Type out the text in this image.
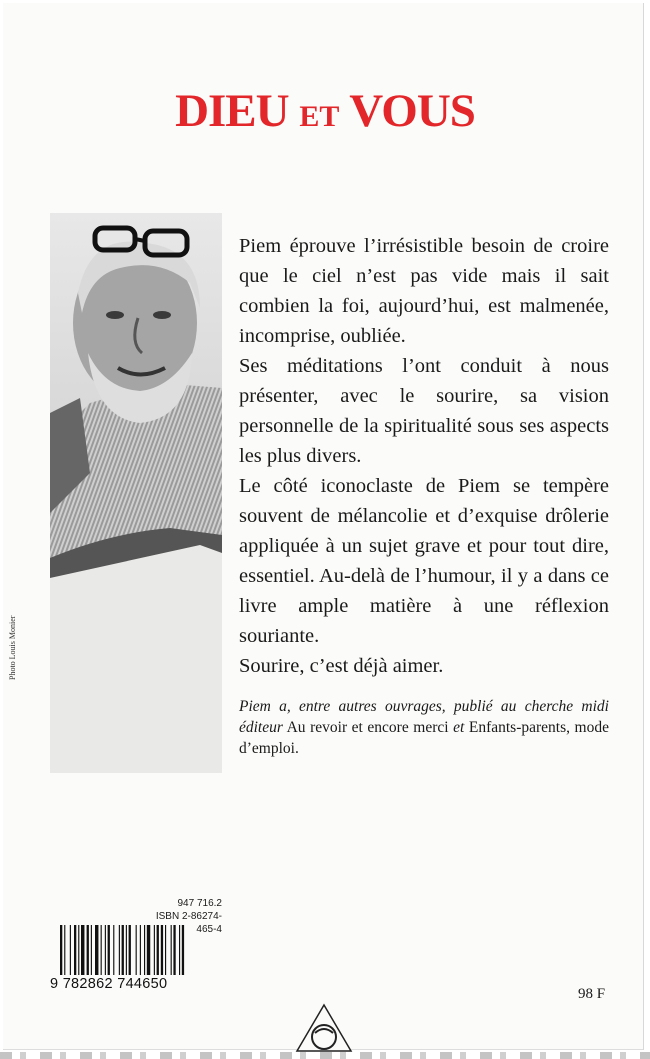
DIEU ET VOUS
Photo Louis Monier

Piem éprouve l’irrésistible besoin de croire que le ciel n’est pas vide mais il sait combien la foi, aujourd’hui, est malmenée, incomprise, oubliée.

Ses méditations l’ont conduit à nous présenter, avec le sourire, sa vision personnelle de la spiritualité sous ses aspects les plus divers.

Le côté iconoclaste de Piem se tempère souvent de mélancolie et d’exquise drôlerie appliquée à un sujet grave et pour tout dire, essentiel. Au-delà de l’humour, il y a dans ce livre ample matière à une réflexion souriante.

Sourire, c’est déjà aimer.

Piem a, entre autres ouvrages, publié au cherche midi éditeur Au revoir et encore merci et Enfants-parents, mode d’emploi.
947 716.2
ISBN 2-86274-465-4
9 782862 744650
98 F
